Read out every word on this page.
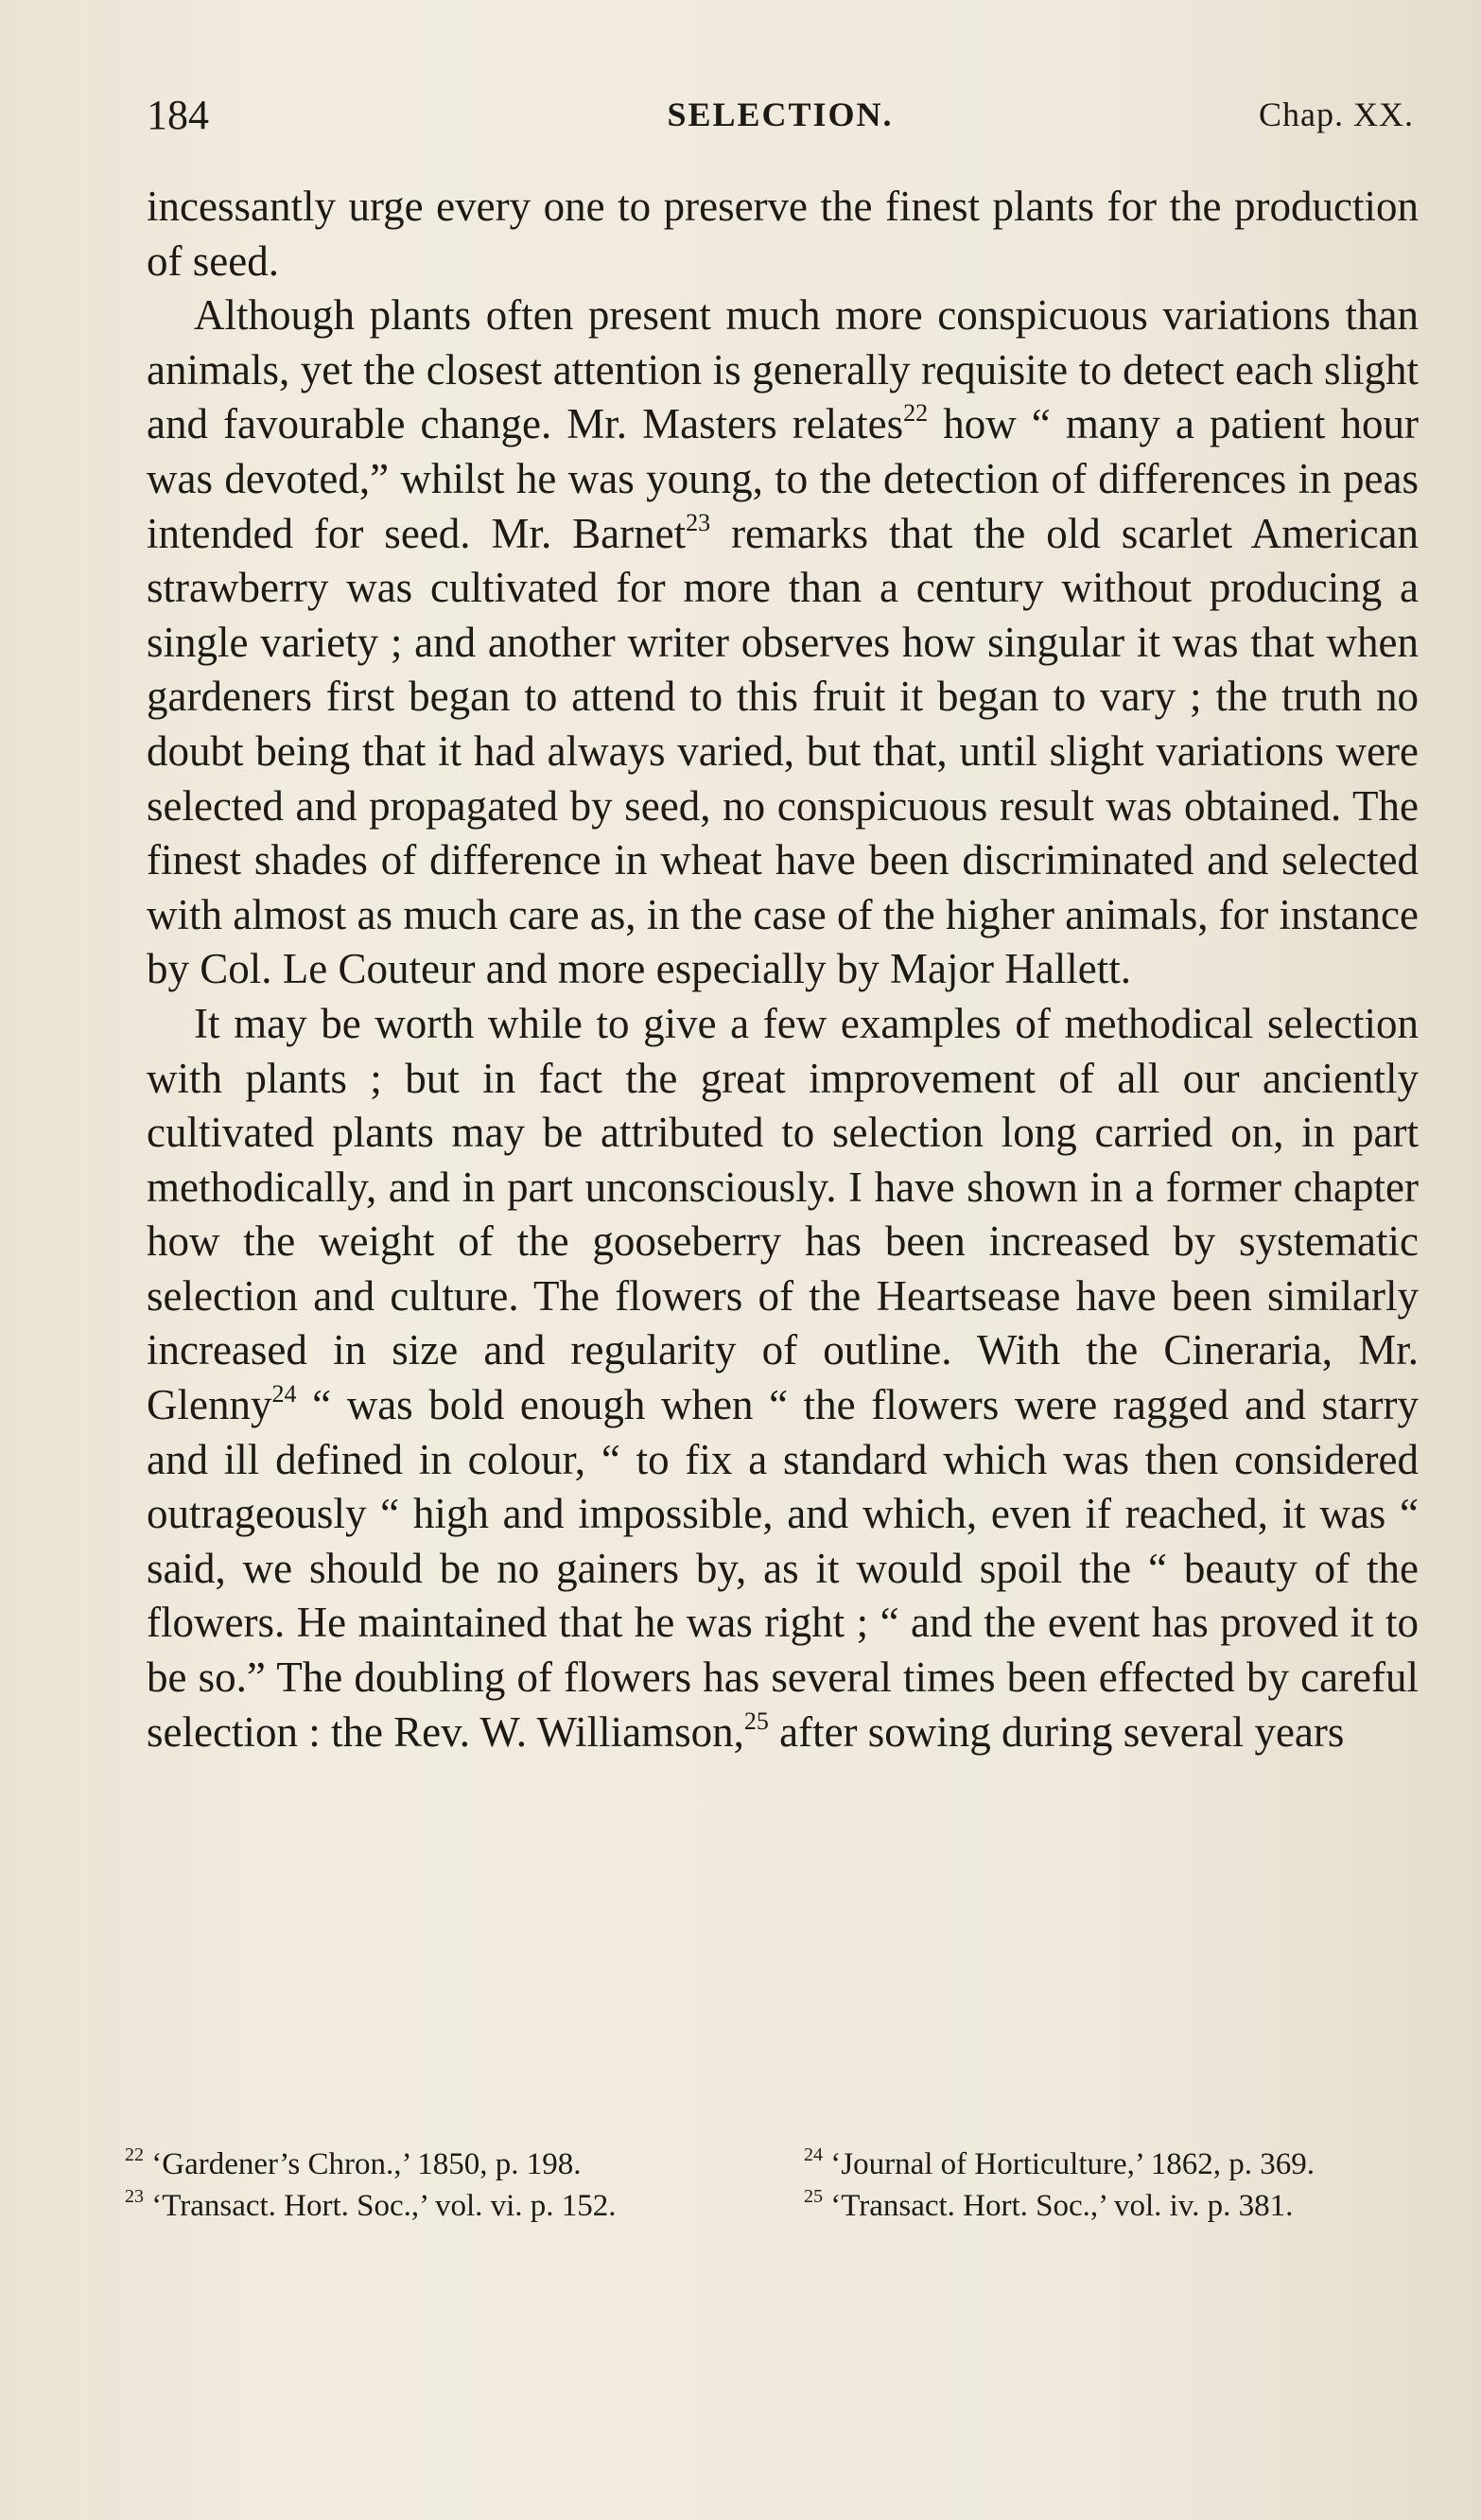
184	SELECTION.	Chap. XX.

incessantly urge every one to preserve the finest plants for the production of seed.

Although plants often present much more conspicuous variations than animals, yet the closest attention is generally requisite to detect each slight and favourable change. Mr. Masters relates$^{22}$ how “ many a patient hour was devoted,” whilst he was young, to the detection of differences in peas intended for seed. Mr. Barnet$^{23}$ remarks that the old scarlet American strawberry was cultivated for more than a century without producing a single variety ; and another writer observes how singular it was that when gardeners first began to attend to this fruit it began to vary ; the truth no doubt being that it had always varied, but that, until slight variations were selected and propagated by seed, no conspicuous result was obtained. The finest shades of difference in wheat have been discriminated and selected with almost as much care as, in the case of the higher animals, for instance by Col. Le Couteur and more especially by Major Hallett.

It may be worth while to give a few examples of methodical selection with plants ; but in fact the great improvement of all our anciently cultivated plants may be attributed to selection long carried on, in part methodically, and in part unconsciously. I have shown in a former chapter how the weight of the gooseberry has been increased by systematic selection and culture. The flowers of the Heartsease have been similarly increased in size and regularity of outline. With the Cineraria, Mr. Glenny$^{24}$ “ was bold enough when “ the flowers were ragged and starry and ill defined in colour, “ to fix a standard which was then considered outrageously “ high and impossible, and which, even if reached, it was “ said, we should be no gainers by, as it would spoil the “ beauty of the flowers. He maintained that he was right ; “ and the event has proved it to be so.” The doubling of flowers has several times been effected by careful selection : the Rev. W. Williamson,$^{25}$ after sowing during several years

$^{22}$ ‘Gardener’s Chron.,’ 1850, p. 198.

$^{23}$ ‘Transact. Hort. Soc.,’ vol. vi. p. 152.

$^{24}$ ‘Journal of Horticulture,’ 1862, p. 369.

$^{25}$ ‘Transact. Hort. Soc.,’ vol. iv. p. 381.
